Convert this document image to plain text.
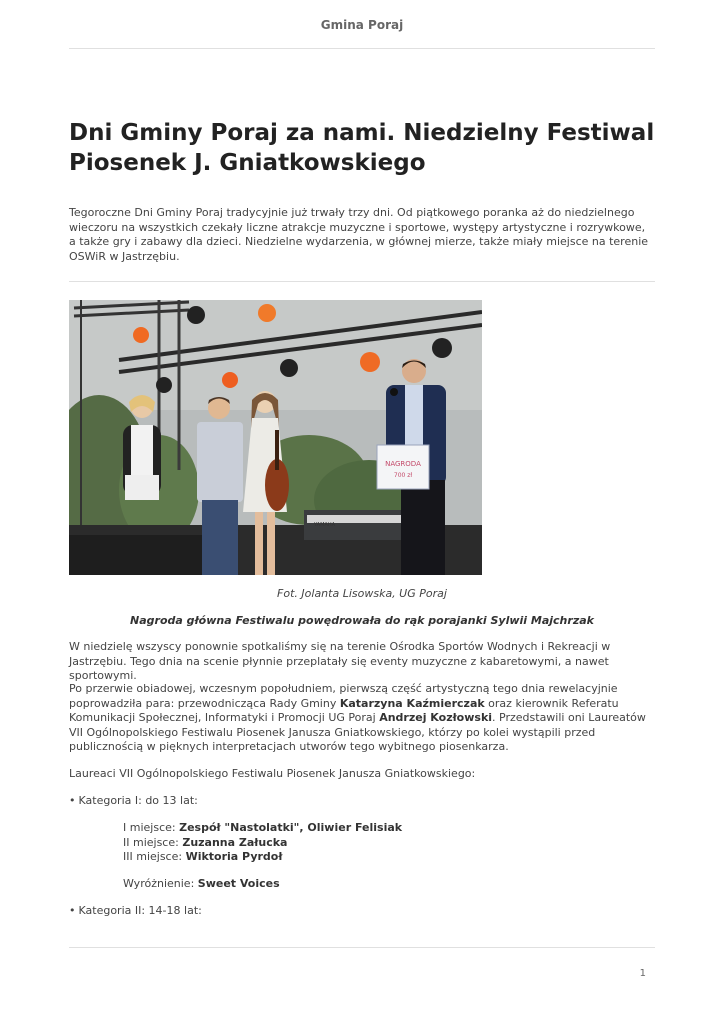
Gmina Poraj
Dni Gminy Poraj za nami. Niedzielny Festiwal Piosenek J. Gniatkowskiego

Tegoroczne Dni Gminy Poraj tradycyjnie już trwały trzy dni. Od piątkowego poranka aż do niedzielnego wieczoru na wszystkich czekały liczne atrakcje muzyczne i sportowe, występy artystyczne i rozrywkowe, a także gry i zabawy dla dzieci. Niedzielne wydarzenia, w głównej mierze, także miały miejsce na terenie OSWiR w Jastrzębiu.

YAMAHA
NAGRODA
700 zł

Fot. Jolanta Lisowska, UG Poraj

Nagroda główna Festiwalu powędrowała do rąk porajanki Sylwii Majchrzak

W niedzielę wszyscy ponownie spotkaliśmy się na terenie Ośrodka Sportów Wodnych i Rekreacji w Jastrzębiu. Tego dnia na scenie płynnie przeplatały się eventy muzyczne z kabaretowymi, a nawet sportowymi.

Po przerwie obiadowej, wczesnym popołudniem, pierwszą część artystyczną tego dnia rewelacyjnie poprowadziła para: przewodnicząca Rady Gminy Katarzyna Kaźmierczak oraz kierownik Referatu Komunikacji Społecznej, Informatyki i Promocji UG Poraj Andrzej Kozłowski. Przedstawili oni Laureatów VII Ogólnopolskiego Festiwalu Piosenek Janusza Gniatkowskiego, którzy po kolei wystąpili przed publicznością w pięknych interpretacjach utworów tego wybitnego piosenkarza.

Laureaci VII Ogólnopolskiego Festiwalu Piosenek Janusza Gniatkowskiego:

• Kategoria I: do 13 lat:

I miejsce: Zespół "Nastolatki", Oliwier Felisiak
II miejsce: Zuzanna Załucka
III miejsce: Wiktoria Pyrdoł
Wyróżnienie: Sweet Voices

• Kategoria II: 14-18 lat:

1
